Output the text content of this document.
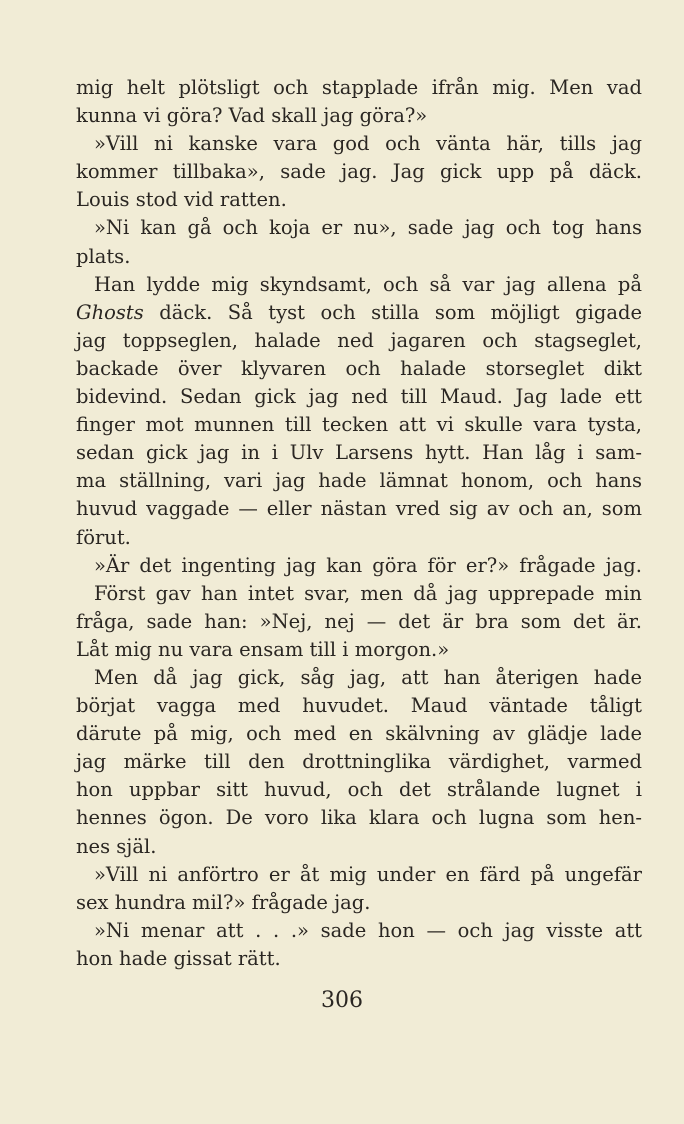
mig helt plötsligt och stapplade ifrån mig. Men vad
kunna vi göra? Vad skall jag göra?»
»Vill ni kanske vara god och vänta här, tills jag
kommer tillbaka», sade jag. Jag gick upp på däck.
Louis stod vid ratten.
»Ni kan gå och koja er nu», sade jag och tog hans
plats.
Han lydde mig skyndsamt, och så var jag allena på
Ghosts däck. Så tyst och stilla som möjligt gigade
jag toppseglen, halade ned jagaren och stagseglet,
backade över klyvaren och halade storseglet dikt
bidevind. Sedan gick jag ned till Maud. Jag lade ett
finger mot munnen till tecken att vi skulle vara tysta,
sedan gick jag in i Ulv Larsens hytt. Han låg i sam-
ma ställning, vari jag hade lämnat honom, och hans
huvud vaggade — eller nästan vred sig av och an, som
förut.
»Är det ingenting jag kan göra för er?» frågade jag.
Först gav han intet svar, men då jag upprepade min
fråga, sade han: »Nej, nej — det är bra som det är.
Låt mig nu vara ensam till i morgon.»
Men då jag gick, såg jag, att han återigen hade
börjat vagga med huvudet. Maud väntade tåligt
därute på mig, och med en skälvning av glädje lade
jag märke till den drottninglika värdighet, varmed
hon uppbar sitt huvud, och det strålande lugnet i
hennes ögon. De voro lika klara och lugna som hen-
nes själ.
»Vill ni anförtro er åt mig under en färd på ungefär
sex hundra mil?» frågade jag.
»Ni menar att . . .» sade hon — och jag visste att
hon hade gissat rätt.
306
